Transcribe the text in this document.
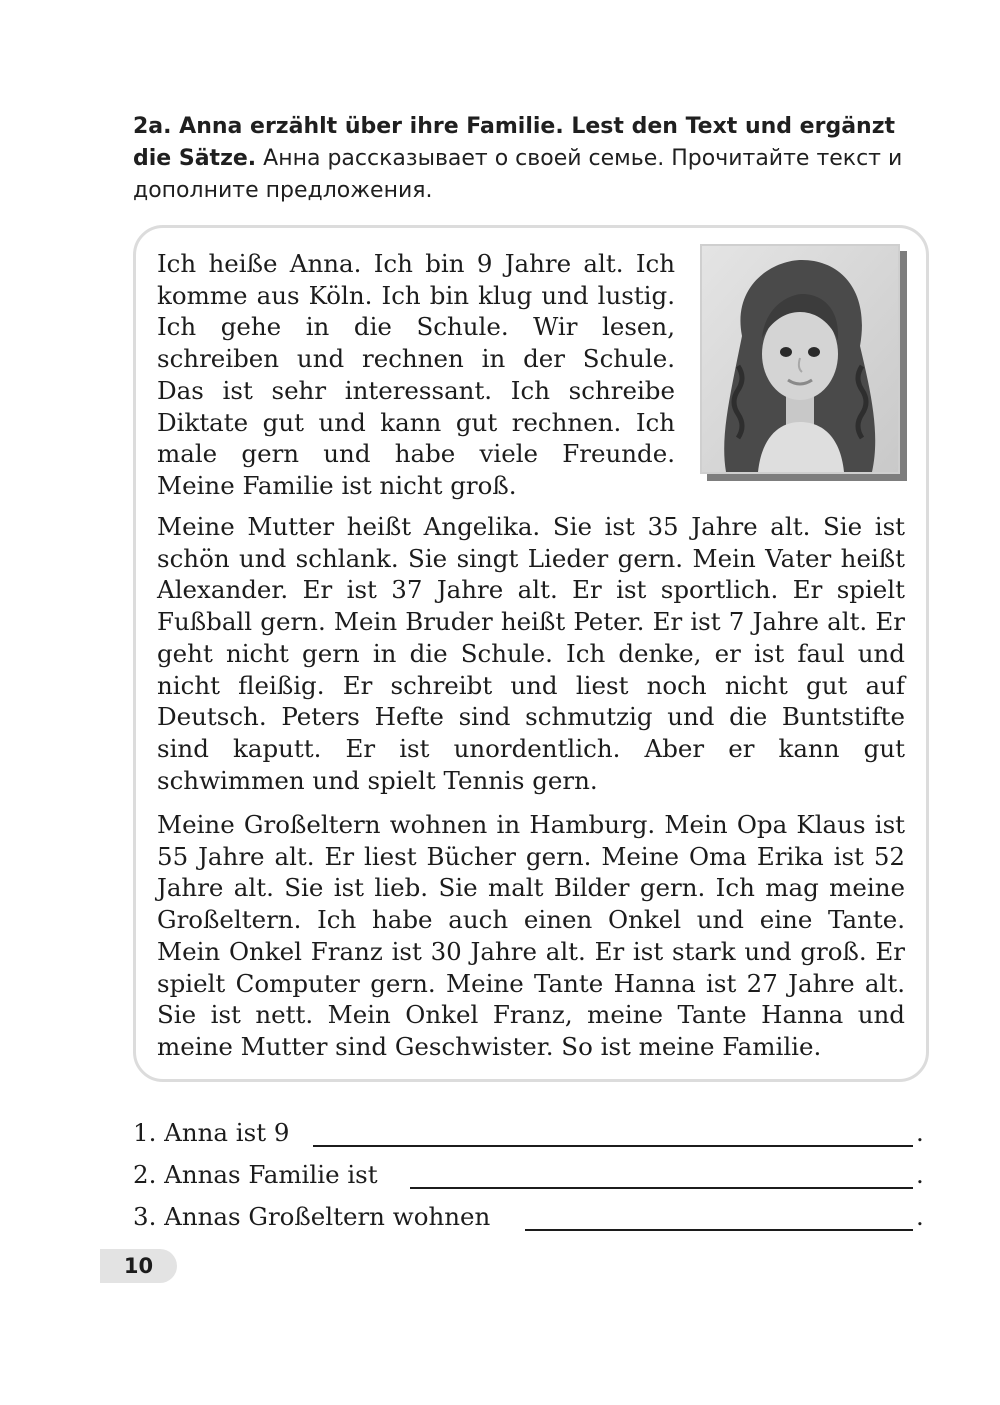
2a. Anna erzählt über ihre Familie. Lest den Text und ergänzt die Sätze. Анна рассказывает о своей семье. Прочитайте текст и дополните предложения.
Ich heiße Anna. Ich bin 9 Jahre alt. Ich komme aus Köln. Ich bin klug und lustig. Ich gehe in die Schule. Wir lesen, schreiben und rechnen in der Schule. Das ist sehr interessant. Ich schreibe Diktate gut und kann gut rechnen. Ich male gern und habe viele Freunde. Meine Familie ist nicht groß.
Meine Mutter heißt Angelika. Sie ist 35 Jahre alt. Sie ist schön und schlank. Sie singt Lieder gern. Mein Vater heißt Alexander. Er ist 37 Jahre alt. Er ist sportlich. Er spielt Fußball gern. Mein Bruder heißt Peter. Er ist 7 Jahre alt. Er geht nicht gern in die Schule. Ich denke, er ist faul und nicht fleißig. Er schreibt und liest noch nicht gut auf Deutsch. Peters Hefte sind schmutzig und die Buntstifte sind kaputt. Er ist unordentlich. Aber er kann gut schwimmen und spielt Tennis gern.
Meine Großeltern wohnen in Hamburg. Mein Opa Klaus ist 55 Jahre alt. Er liest Bücher gern. Meine Oma Erika ist 52 Jahre alt. Sie ist lieb. Sie malt Bilder gern. Ich mag meine Großeltern. Ich habe auch einen Onkel und eine Tante. Mein Onkel Franz ist 30 Jahre alt. Er ist stark und groß. Er spielt Computer gern. Meine Tante Hanna ist 27 Jahre alt. Sie ist nett. Mein Onkel Franz, meine Tante Hanna und meine Mutter sind Geschwister. So ist meine Familie.
1. Anna ist 9	.
2. Annas Familie ist	.
3. Annas Großeltern wohnen	.
10
